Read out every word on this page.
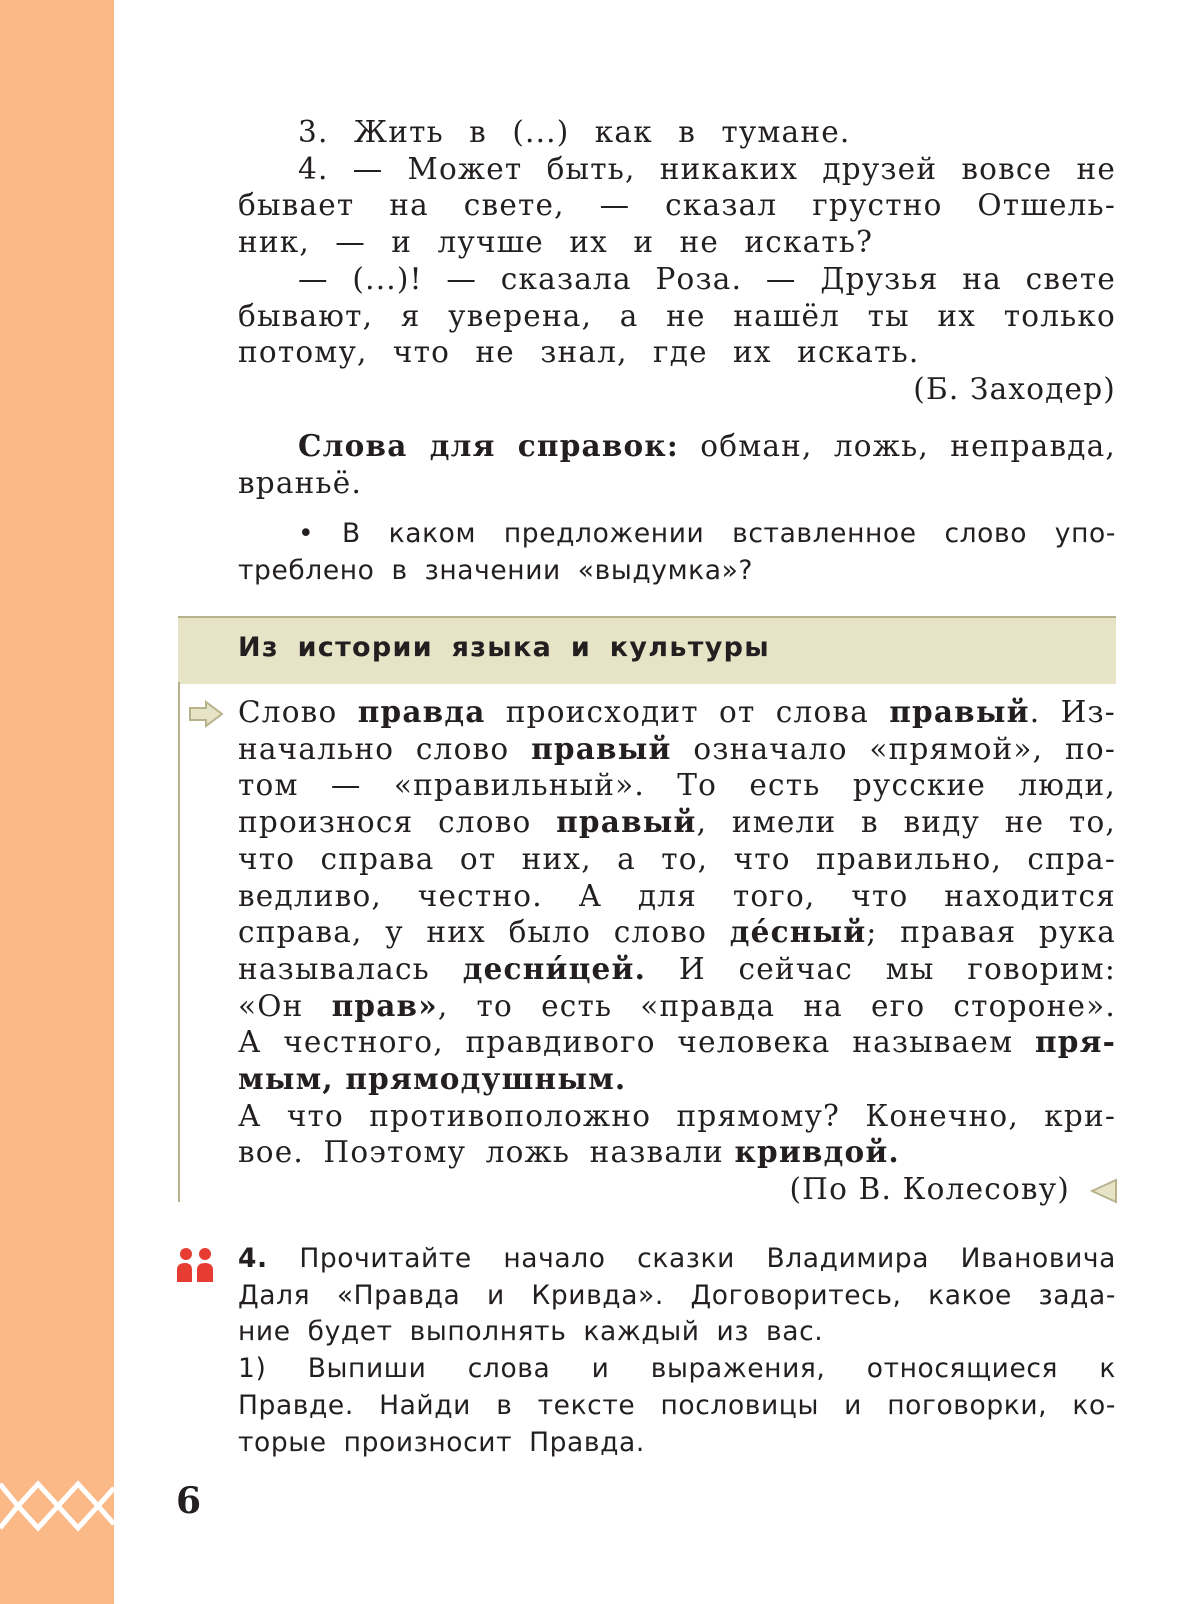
3. Жить в (...) как в тумане.
4. — Может быть, никаких друзей вовсе не
бывает на свете, — сказал грустно Отшель-
ник, — и лучше их и не искать?
— (...)! — сказала Роза. — Друзья на свете
бывают, я уверена, а не нашёл ты их только
потому, что не знал, где их искать.
(Б. Заходер)
Слова для справок: обман, ложь, неправда,
враньё.
• В каком предложении вставленное слово упо-
треблено в значении «выдумка»?
Из истории языка и культуры
Слово правда происходит от слова правый. Из-
начально слово правый означало «прямой», по-
том — «правильный». То есть русские люди,
произнося слово правый, имели в виду не то,
что справа от них, а то, что правильно, спра-
ведливо, честно. А для того, что находится
справа, у них было слово де́сный; правая рука
называлась десни́цей. И сейчас мы говорим:
«Он прав», то есть «правда на его стороне».
А честного, правдивого человека называем пря-
мым, прямодушным.
А что противоположно прямому? Конечно, кри-
вое. Поэтому ложь назвали кривдой.
(По В. Колесову)
4. Прочитайте начало сказки Владимира Ивановича
Даля «Правда и Кривда». Договоритесь, какое зада-
ние будет выполнять каждый из вас.
1) Выпиши слова и выражения, относящиеся к
Правде. Найди в тексте пословицы и поговорки, ко-
торые произносит Правда.
6
